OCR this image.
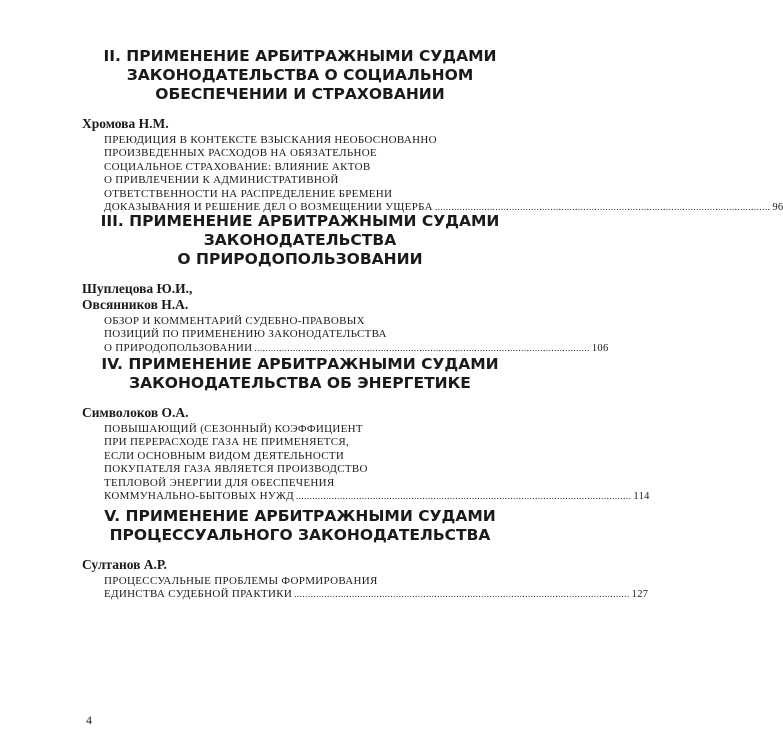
II. ПРИМЕНЕНИЕ АРБИТРАЖНЫМИ СУДАМИ
ЗАКОНОДАТЕЛЬСТВА О СОЦИАЛЬНОМ
ОБЕСПЕЧЕНИИ И СТРАХОВАНИИ
Хромова Н.М.
ПРЕЮДИЦИЯ В КОНТЕКСТЕ ВЗЫСКАНИЯ НЕОБОСНОВАННО
ПРОИЗВЕДЕННЫХ РАСХОДОВ НА ОБЯЗАТЕЛЬНОЕ
СОЦИАЛЬНОЕ СТРАХОВАНИЕ: ВЛИЯНИЕ АКТОВ
О ПРИВЛЕЧЕНИИ К АДМИНИСТРАТИВНОЙ
ОТВЕТСТВЕННОСТИ НА РАСПРЕДЕЛЕНИЕ БРЕМЕНИ
ДОКАЗЫВАНИЯ И РЕШЕНИЕ ДЕЛ О ВОЗМЕЩЕНИИ УЩЕРБА .......................................................................................................................... 96
III. ПРИМЕНЕНИЕ АРБИТРАЖНЫМИ СУДАМИ
ЗАКОНОДАТЕЛЬСТВА
О ПРИРОДОПОЛЬЗОВАНИИ
Шуплецова Ю.И.,
Овсянников Н.А.
ОБЗОР И КОММЕНТАРИЙ СУДЕБНО-ПРАВОВЫХ
ПОЗИЦИЙ ПО ПРИМЕНЕНИЮ ЗАКОНОДАТЕЛЬСТВА
О ПРИРОДОПОЛЬЗОВАНИИ .......................................................................................................................... 106
IV. ПРИМЕНЕНИЕ АРБИТРАЖНЫМИ СУДАМИ
ЗАКОНОДАТЕЛЬСТВА ОБ ЭНЕРГЕТИКЕ
Символоков О.А.
ПОВЫШАЮЩИЙ (СЕЗОННЫЙ) КОЭФФИЦИЕНТ
ПРИ ПЕРЕРАСХОДЕ ГАЗА НЕ ПРИМЕНЯЕТСЯ,
ЕСЛИ ОСНОВНЫМ ВИДОМ ДЕЯТЕЛЬНОСТИ
ПОКУПАТЕЛЯ ГАЗА ЯВЛЯЕТСЯ ПРОИЗВОДСТВО
ТЕПЛОВОЙ ЭНЕРГИИ ДЛЯ ОБЕСПЕЧЕНИЯ
КОММУНАЛЬНО-БЫТОВЫХ НУЖД .......................................................................................................................... 114
V. ПРИМЕНЕНИЕ АРБИТРАЖНЫМИ СУДАМИ
ПРОЦЕССУАЛЬНОГО ЗАКОНОДАТЕЛЬСТВА
Султанов А.Р.
ПРОЦЕССУАЛЬНЫЕ ПРОБЛЕМЫ ФОРМИРОВАНИЯ
ЕДИНСТВА СУДЕБНОЙ ПРАКТИКИ .......................................................................................................................... 127
4
